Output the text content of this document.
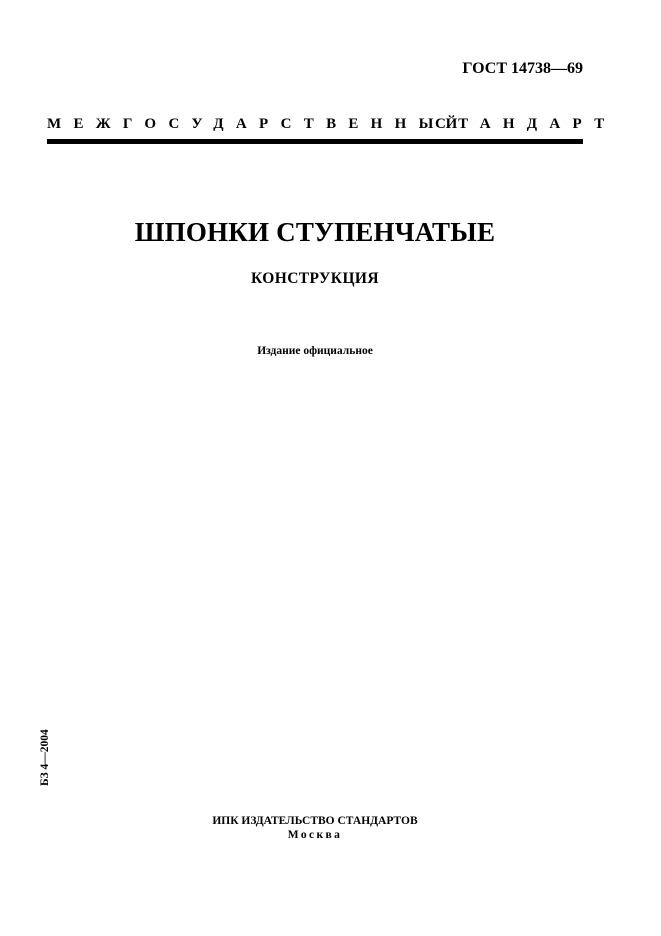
ГОСТ 14738—69
МЕЖГОСУДАРСТВЕННЫЙ
СТАНДАРТ
ШПОНКИ СТУПЕНЧАТЫЕ
КОНСТРУКЦИЯ
Издание официальное
БЗ 4—2004
ИПК ИЗДАТЕЛЬСТВО СТАНДАРТОВ
Москва
